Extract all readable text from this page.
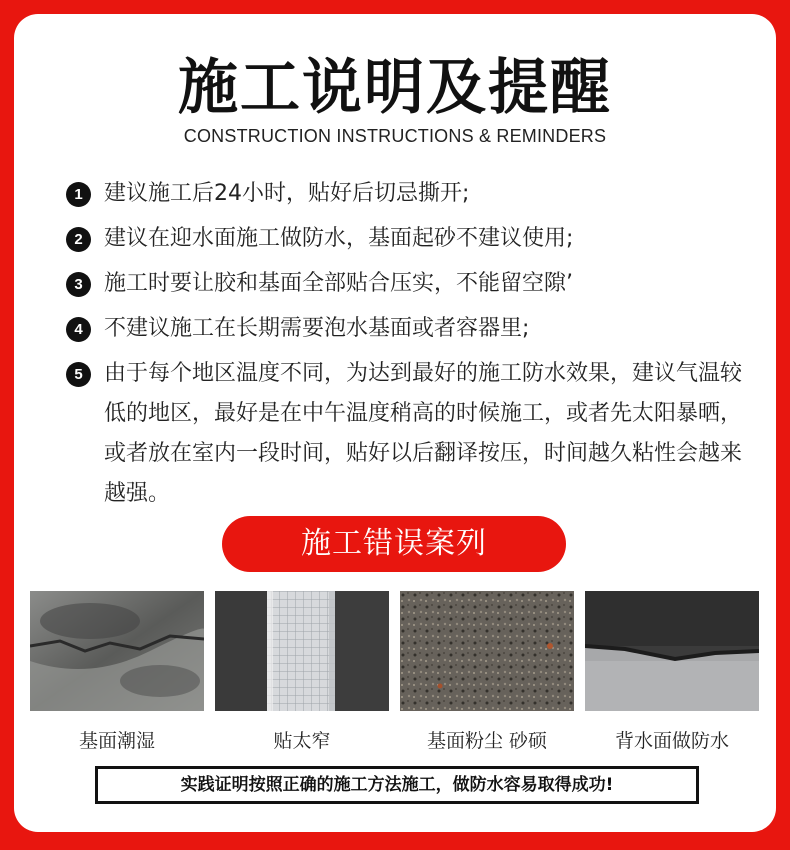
施工说明及提醒
CONSTRUCTION INSTRUCTIONS & REMINDERS
1 建议施工后24小时，贴好后切忌撕开;
2 建议在迎水面施工做防水，基面起砂不建议使用;
3 施工时要让胶和基面全部贴合压实，不能留空隙’
4 不建议施工在长期需要泡水基面或者容器里;
5 由于每个地区温度不同，为达到最好的施工防水效果，建议气温较低的地区，最好是在中午温度稍高的时候施工，或者先太阳暴晒，或者放在室内一段时间，贴好以后翻译按压，时间越久粘性会越来越强。
施工错误案列
基面潮湿	贴太窄	基面粉尘 砂硕	背水面做防水
实践证明按照正确的施工方法施工，做防水容易取得成功!
